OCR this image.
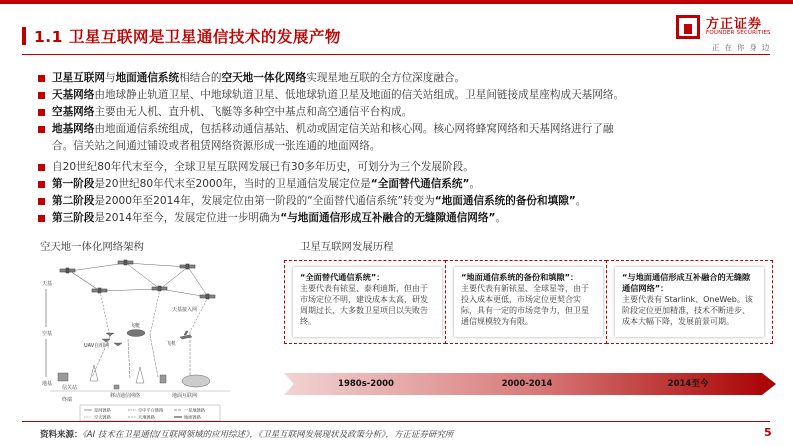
1.1 卫星互联网是卫星通信技术的发展产物
方正证券
FOUNDER SECURITIES
正在你身边
卫星互联网与地面通信系统相结合的空天地一体化网络实现星地互联的全方位深度融合。
天基网络由地球静止轨道卫星、中地球轨道卫星、低地球轨道卫星及地面的信关站组成。卫星间链接成星座构成天基网络。
空基网络主要由无人机、直升机、飞艇等多种空中基点和高空通信平台构成。
地基网络由地面通信系统组成，包括移动通信基站、机动或固定信关站和核心网。核心网将蜂窝网络和天基网络进行了融
合。信关站之间通过铺设或者租赁网络资源形成一张连通的地面网络。
自20世纪80年代末至今，全球卫星互联网发展已有30多年历史，可划分为三个发展阶段。
第一阶段是20世纪80年代末至2000年，当时的卫星通信发展定位是“全面替代通信系统”。
第二阶段是2000年至2014年，发展定位由第一阶段的“全面替代通信系统”转变为“地面通信系统的备份和填隙”。
第三阶段是2014年至今，发展定位进一步明确为“与地面通信形成互补融合的无缝隙通信网络”。
空天地一体化网络架构
天基
空基
地基
天基接入网
UAV自组网
飞艇
飞机
信关站
终端
移动通信网络	地面互联网
星间链路	空中平台链路	一星地链路
空天链路	天地链路	地面链路
卫星互联网发展历程
“全面替代通信系统”：
主要代表有铱星、泰利迪斯，但由于市场定位不明，建设成本太高，研发周期过长，大多数卫星项目以失败告终。
“地面通信系统的备份和填隙”：
主要代表有新铱星、全球星等，由于投入成本更低，市场定位更契合实际，具有一定的市场竞争力，但卫星通信规模较为有限。
“与地面通信形成互补融合的无缝隙通信网络”：
主要代表有 Starlink、OneWeb。该阶段定位更加精准，技术不断进步、成本大幅下降，发展前景可期。
1980s-2000	2000-2014	2014至今
资料来源：《AI 技术在卫星通信/互联网领域的应用综述》，《卫星互联网发展现状及政策分析》，方正证券研究所	5
